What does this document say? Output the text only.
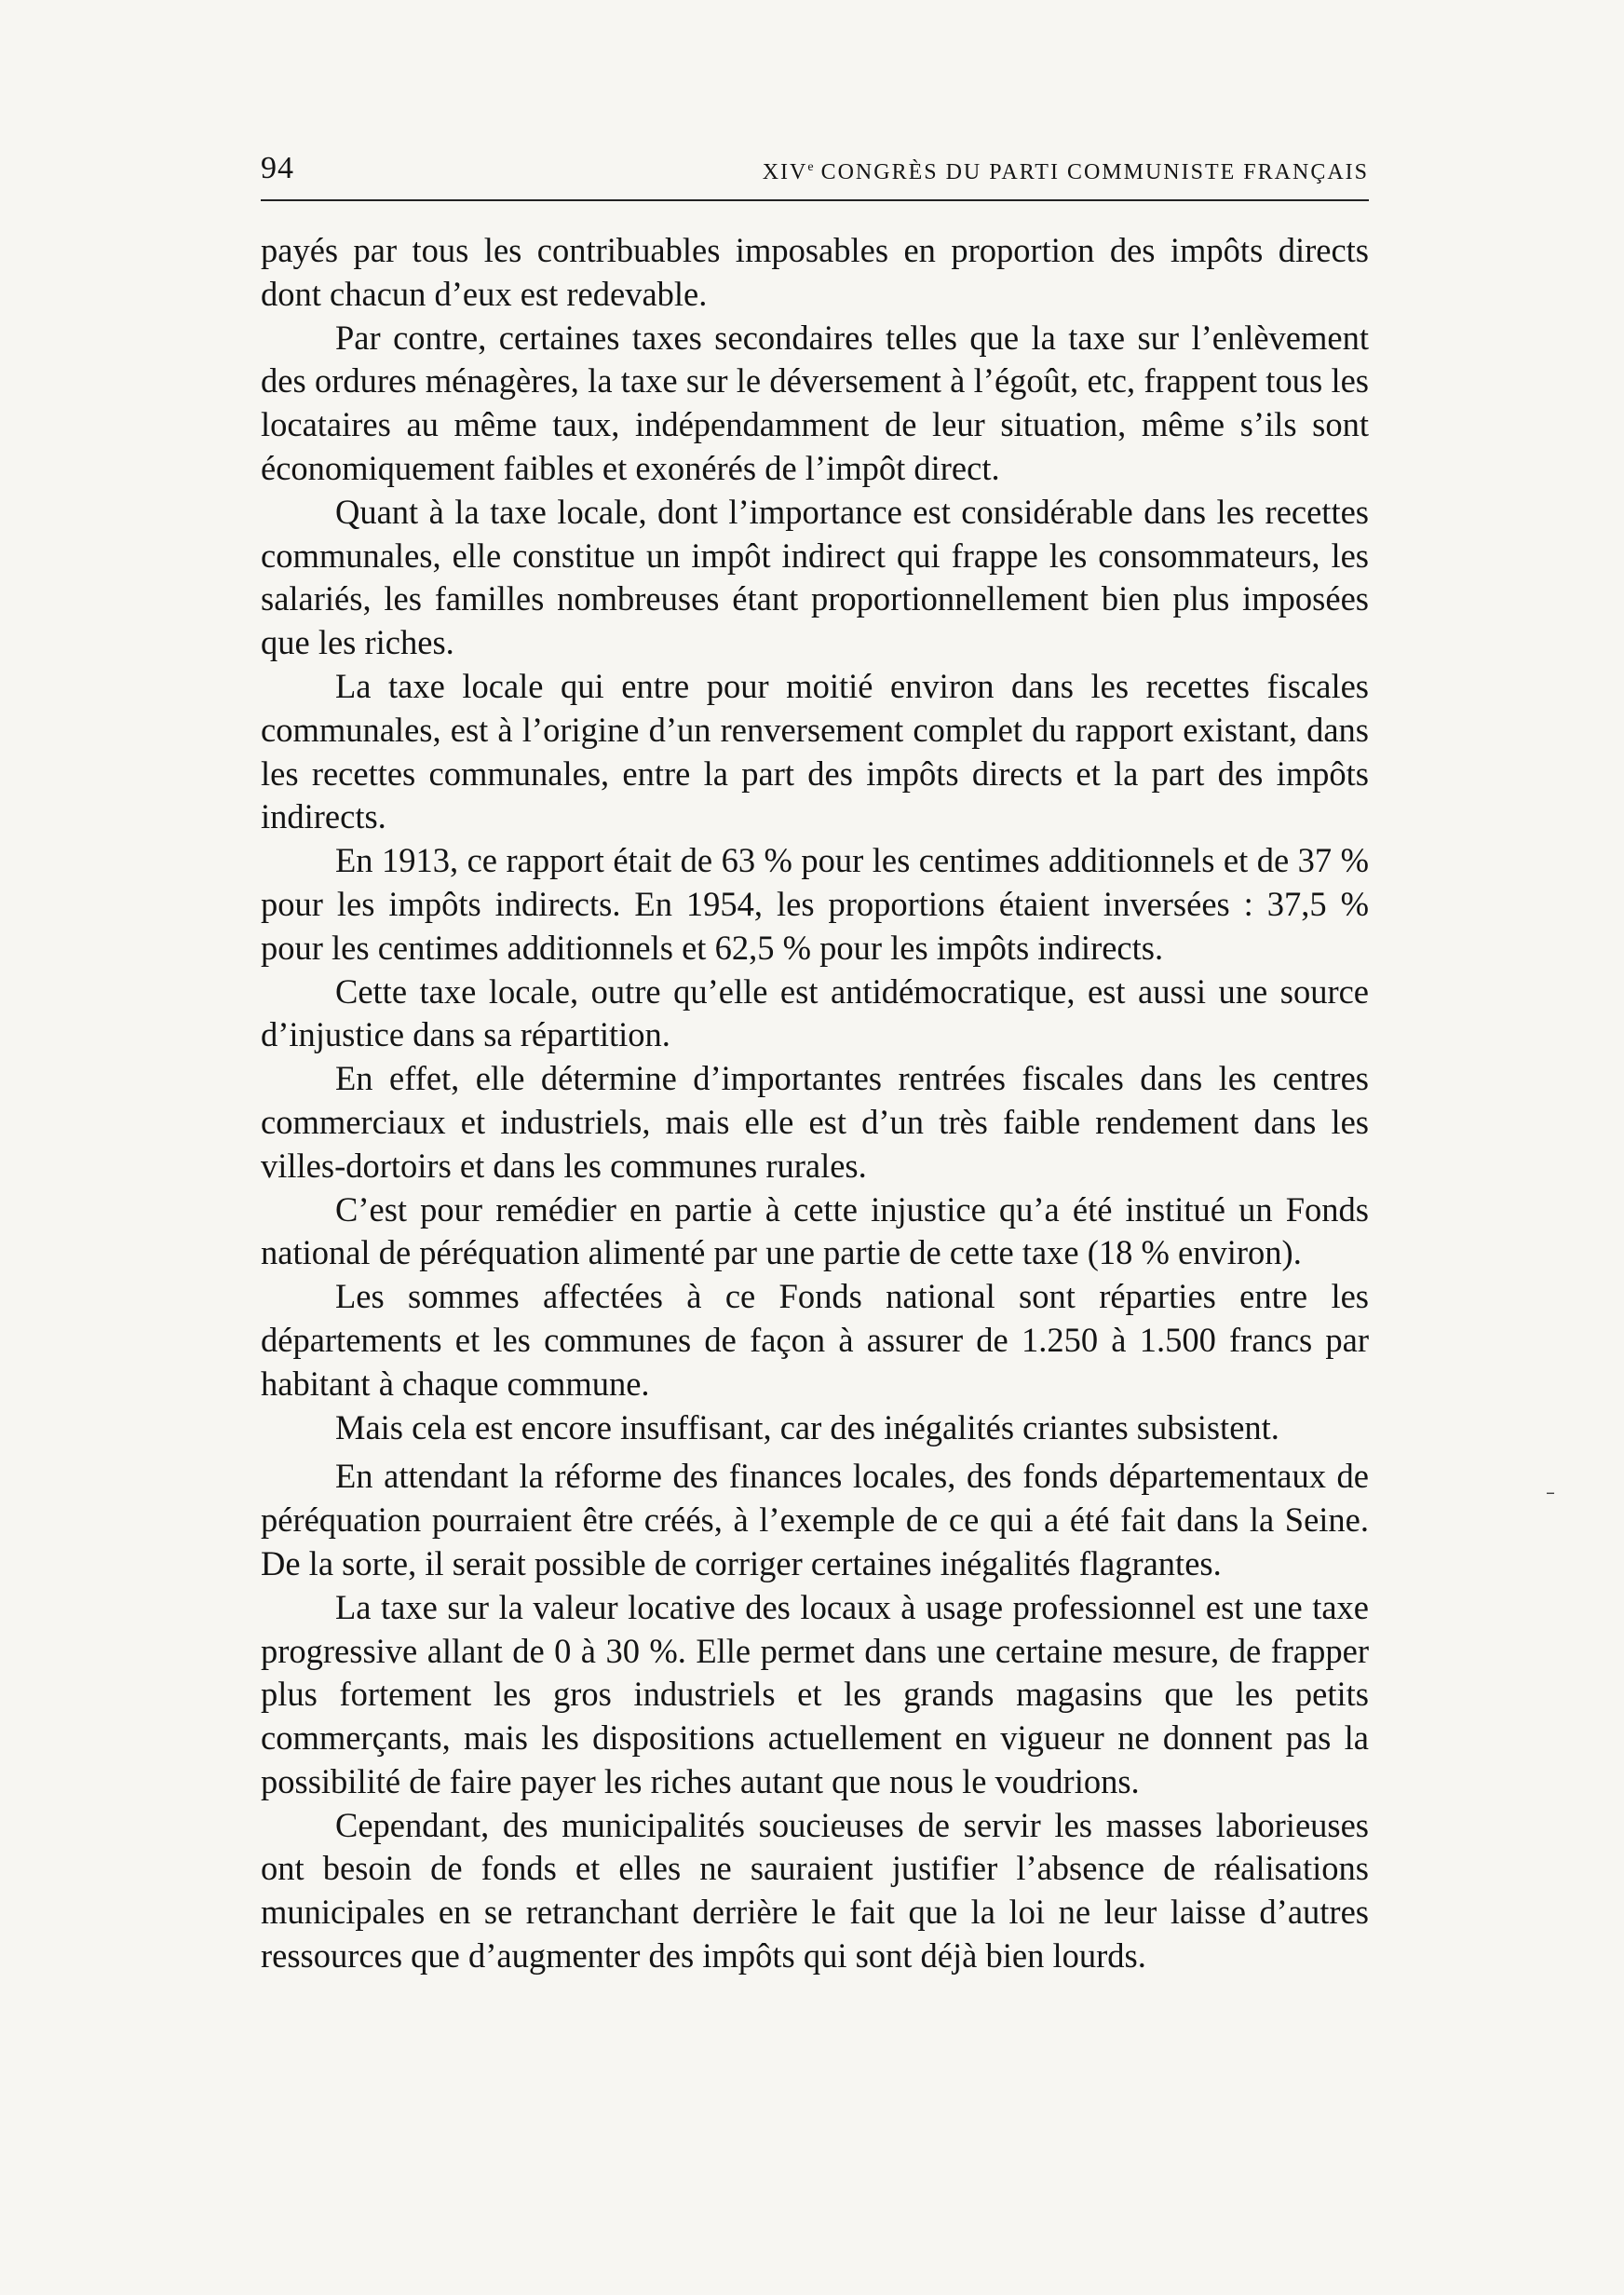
94	XIVe CONGRÈS DU PARTI COMMUNISTE FRANÇAIS

payés par tous les contribuables imposables en proportion des impôts directs dont chacun d’eux est redevable.

Par contre, certaines taxes secondaires telles que la taxe sur l’enlèvement des ordures ménagères, la taxe sur le déversement à l’égoût, etc, frappent tous les locataires au même taux, indépendamment de leur situation, même s’ils sont économiquement faibles et exonérés de l’impôt direct.

Quant à la taxe locale, dont l’importance est considérable dans les recettes communales, elle constitue un impôt indirect qui frappe les consommateurs, les salariés, les familles nombreuses étant proportionnellement bien plus imposées que les riches.

La taxe locale qui entre pour moitié environ dans les recettes fiscales communales, est à l’origine d’un renversement complet du rapport existant, dans les recettes communales, entre la part des impôts directs et la part des impôts indirects.

En 1913, ce rapport était de 63 % pour les centimes additionnels et de 37 % pour les impôts indirects. En 1954, les proportions étaient inversées : 37,5 % pour les centimes additionnels et 62,5 % pour les impôts indirects.

Cette taxe locale, outre qu’elle est antidémocratique, est aussi une source d’injustice dans sa répartition.

En effet, elle détermine d’importantes rentrées fiscales dans les centres commerciaux et industriels, mais elle est d’un très faible rendement dans les villes-dortoirs et dans les communes rurales.

C’est pour remédier en partie à cette injustice qu’a été institué un Fonds national de péréquation alimenté par une partie de cette taxe (18 % environ).

Les sommes affectées à ce Fonds national sont réparties entre les départements et les communes de façon à assurer de 1.250 à 1.500 francs par habitant à chaque commune.

Mais cela est encore insuffisant, car des inégalités criantes subsistent.

En attendant la réforme des finances locales, des fonds départementaux de péréquation pourraient être créés, à l’exemple de ce qui a été fait dans la Seine. De la sorte, il serait possible de corriger certaines inégalités flagrantes.

La taxe sur la valeur locative des locaux à usage professionnel est une taxe progressive allant de 0 à 30 %. Elle permet dans une certaine mesure, de frapper plus fortement les gros industriels et les grands magasins que les petits commerçants, mais les dispositions actuellement en vigueur ne donnent pas la possibilité de faire payer les riches autant que nous le voudrions.

Cependant, des municipalités soucieuses de servir les masses laborieuses ont besoin de fonds et elles ne sauraient justifier l’absence de réalisations municipales en se retranchant derrière le fait que la loi ne leur laisse d’autres ressources que d’augmenter des impôts qui sont déjà bien lourds.

–
